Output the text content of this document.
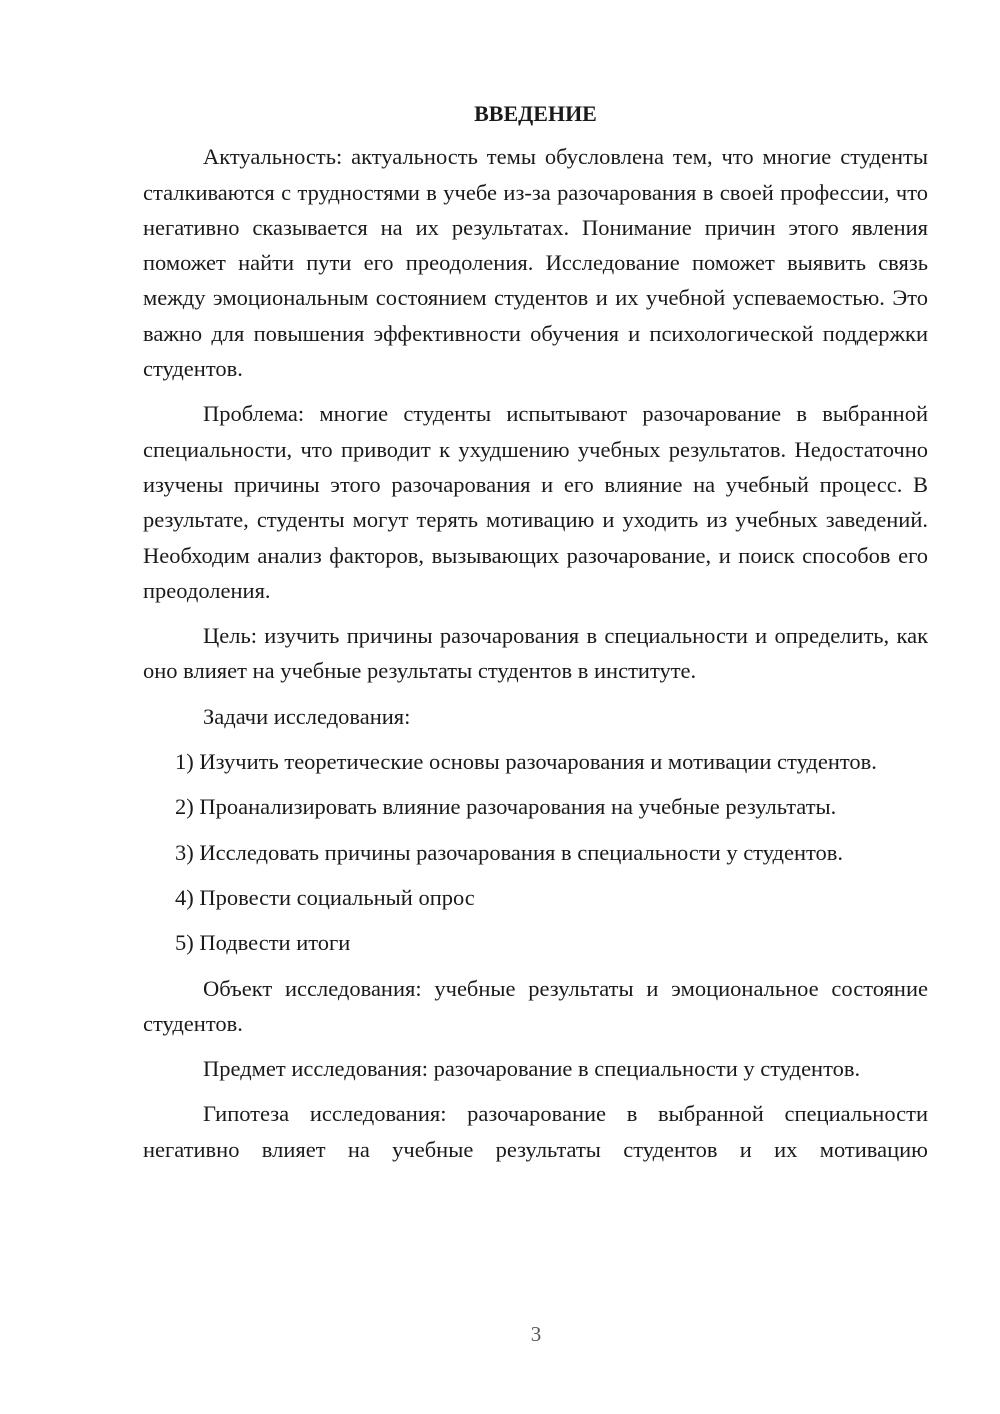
ВВЕДЕНИЕ

Актуальность: актуальность темы обусловлена тем, что многие студенты сталкиваются с трудностями в учебе из-за разочарования в своей профессии, что негативно сказывается на их результатах. Понимание причин этого явления поможет найти пути его преодоления. Исследование поможет выявить связь между эмоциональным состоянием студентов и их учебной успеваемостью. Это важно для повышения эффективности обучения и психологической поддержки студентов.

Проблема: многие студенты испытывают разочарование в выбранной специальности, что приводит к ухудшению учебных результатов. Недостаточно изучены причины этого разочарования и его влияние на учебный процесс. В результате, студенты могут терять мотивацию и уходить из учебных заведений. Необходим анализ факторов, вызывающих разочарование, и поиск способов его преодоления.

Цель: изучить причины разочарования в специальности и определить, как оно влияет на учебные результаты студентов в институте.

Задачи исследования:

1) Изучить теоретические основы разочарования и мотивации студентов.

2) Проанализировать влияние разочарования на учебные результаты.

3) Исследовать причины разочарования в специальности у студентов.

4) Провести социальный опрос

5) Подвести итоги

Объект исследования: учебные результаты и эмоциональное состояние студентов.

Предмет исследования: разочарование в специальности у студентов.

Гипотеза исследования: разочарование в выбранной специальности негативно влияет на учебные результаты студентов и их мотивацию

3
